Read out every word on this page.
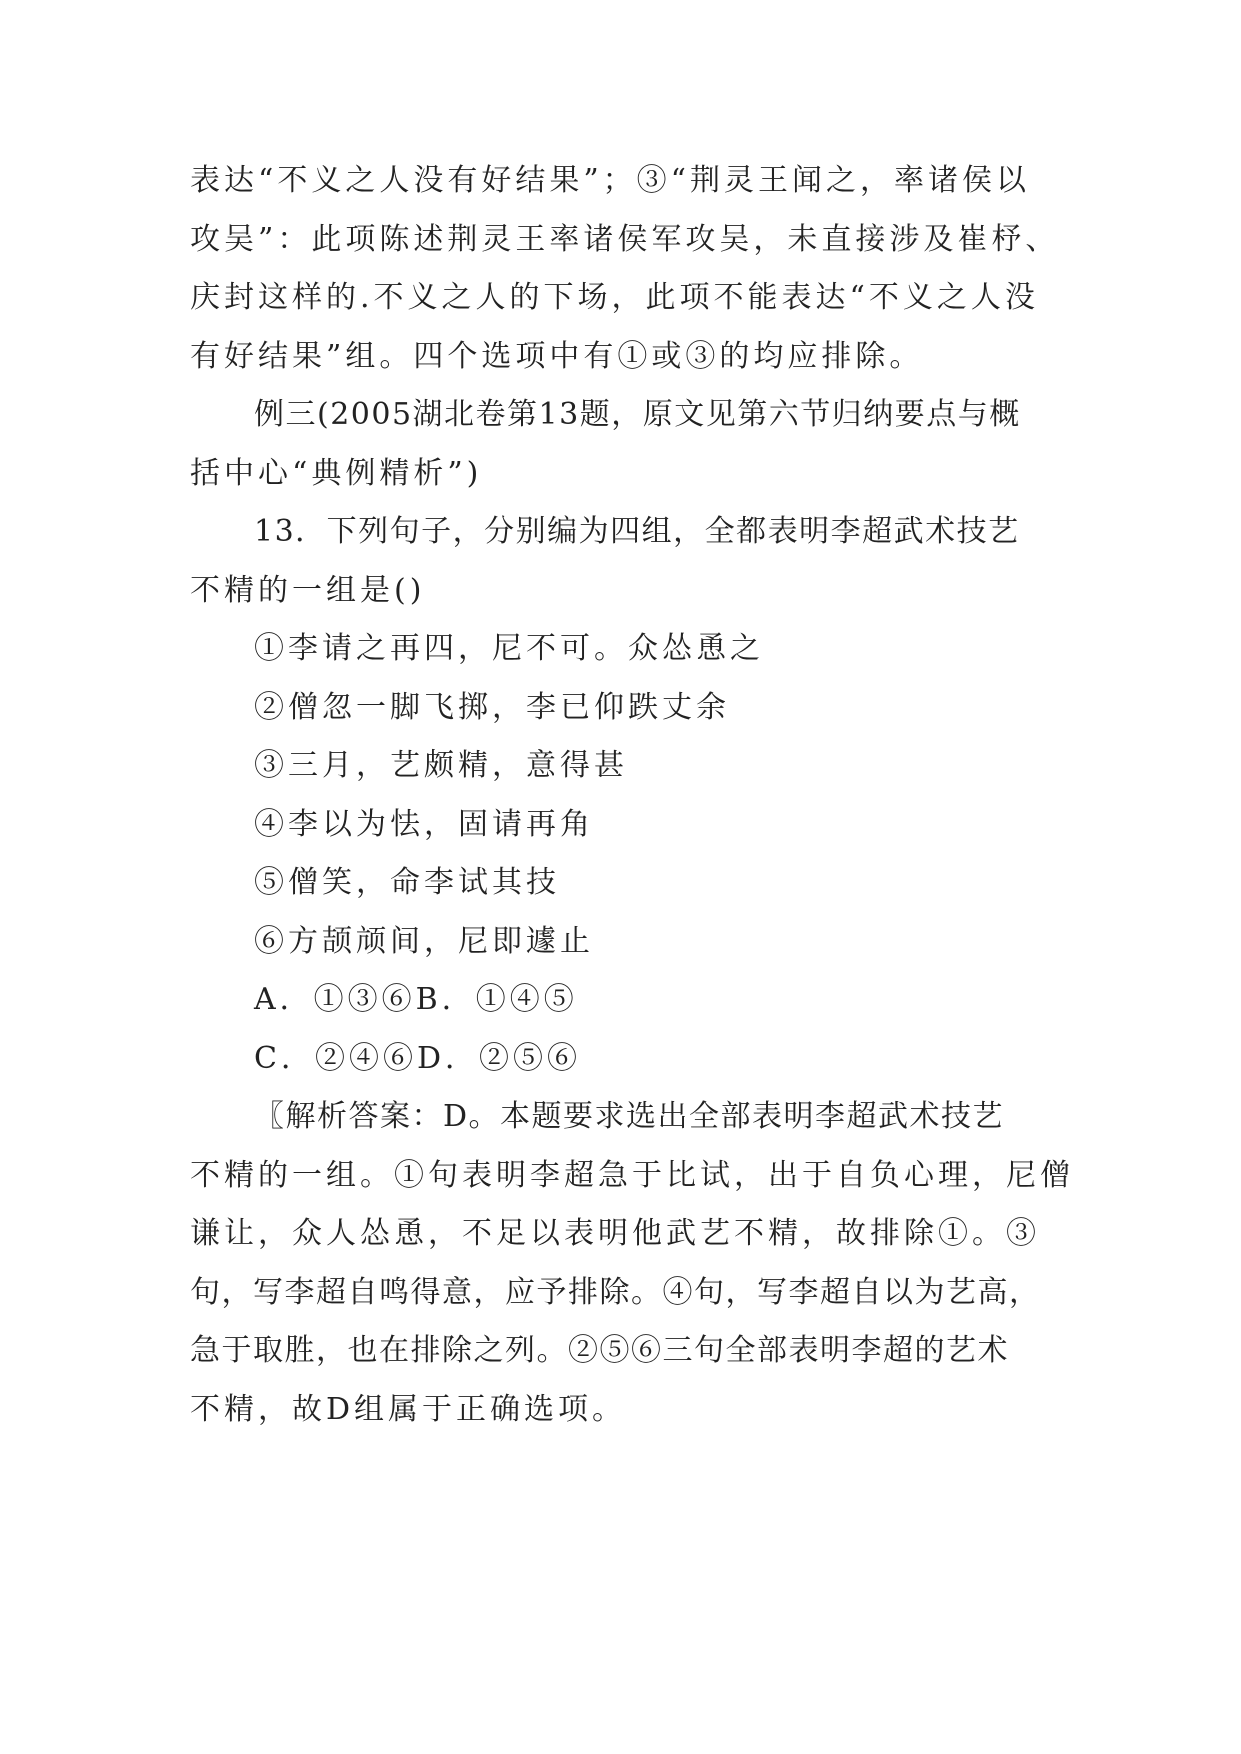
表达“不义之人没有好结果”；③“荆灵王闻之，率诸侯以
攻吴”：此项陈述荆灵王率诸侯军攻吴，未直接涉及崔杼、
庆封这样的.不义之人的下场，此项不能表达“不义之人没
有好结果”组。四个选项中有①或③的均应排除。
例三(2005湖北卷第13题，原文见第六节归纳要点与概
括中心“典例精析”)
13．下列句子，分别编为四组，全都表明李超武术技艺
不精的一组是()
①李请之再四，尼不可。众怂恿之
②僧忽一脚飞掷，李已仰跌丈余
③三月，艺颇精，意得甚
④李以为怯，固请再角
⑤僧笑，命李试其技
⑥方颉颃间，尼即遽止
A．①③⑥B．①④⑤
C．②④⑥D．②⑤⑥
〖解析答案：D。本题要求选出全部表明李超武术技艺
不精的一组。①句表明李超急于比试，出于自负心理，尼僧
谦让，众人怂恿，不足以表明他武艺不精，故排除①。③
句，写李超自鸣得意，应予排除。④句，写李超自以为艺高，
急于取胜，也在排除之列。②⑤⑥三句全部表明李超的艺术
不精，故D组属于正确选项。
